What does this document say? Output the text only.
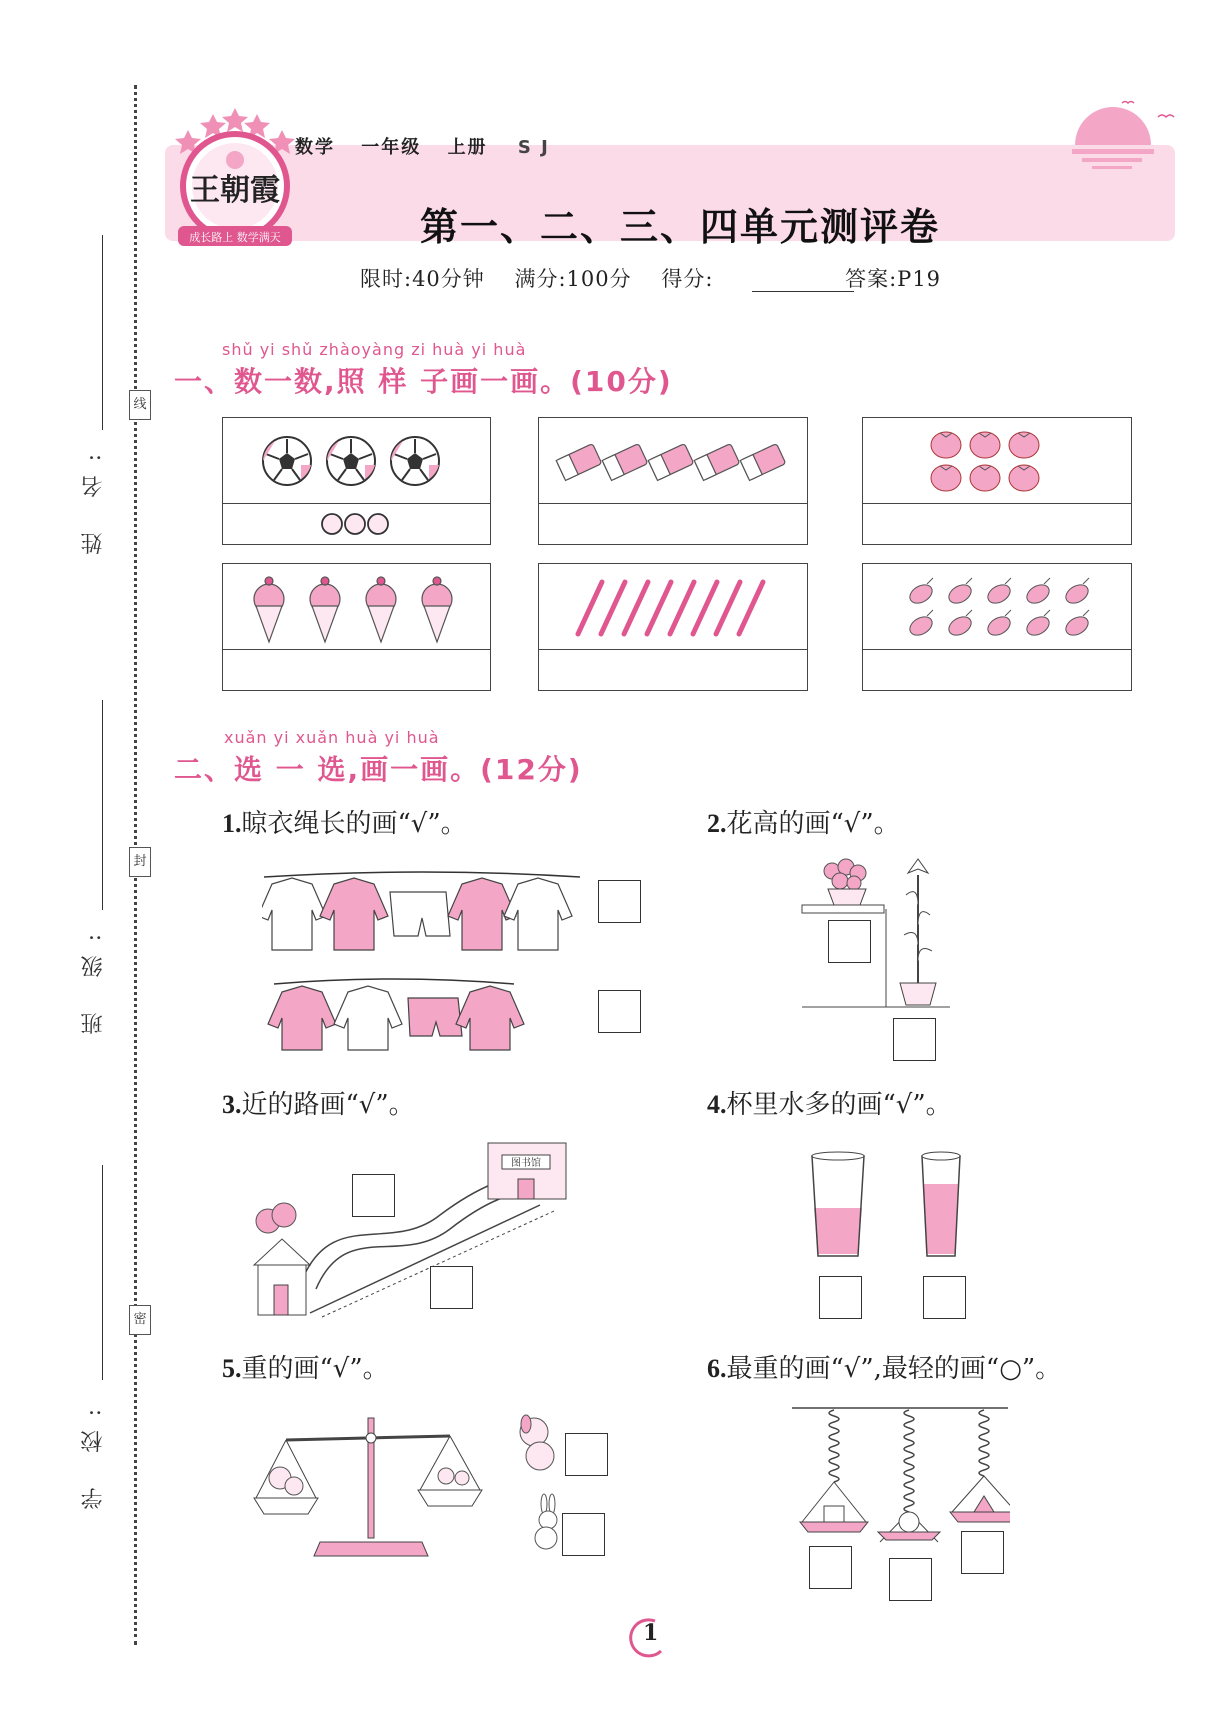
姓 名:
班 级:
学 校:
线
封
密
王朝霞
成长路上 数学满天
数学 一年级 上册 S J
第一、二、三、四单元测评卷
限时:40分钟 满分:100分 得分:	答案:P19
shǔ yi shǔ zhàoyàng zi huà yi huà
一、数一数,照 样 子画一画。(10分)
xuǎn yi xuǎn huà yi huà
二、选 一 选,画一画。(12分)
1.晾衣绳长的画“√”。	2.花高的画“√”。
3.近的路画“√”。
图书馆
4.杯里水多的画“√”。
5.重的画“√”。	6.最重的画“√”,最轻的画“○”。
1
